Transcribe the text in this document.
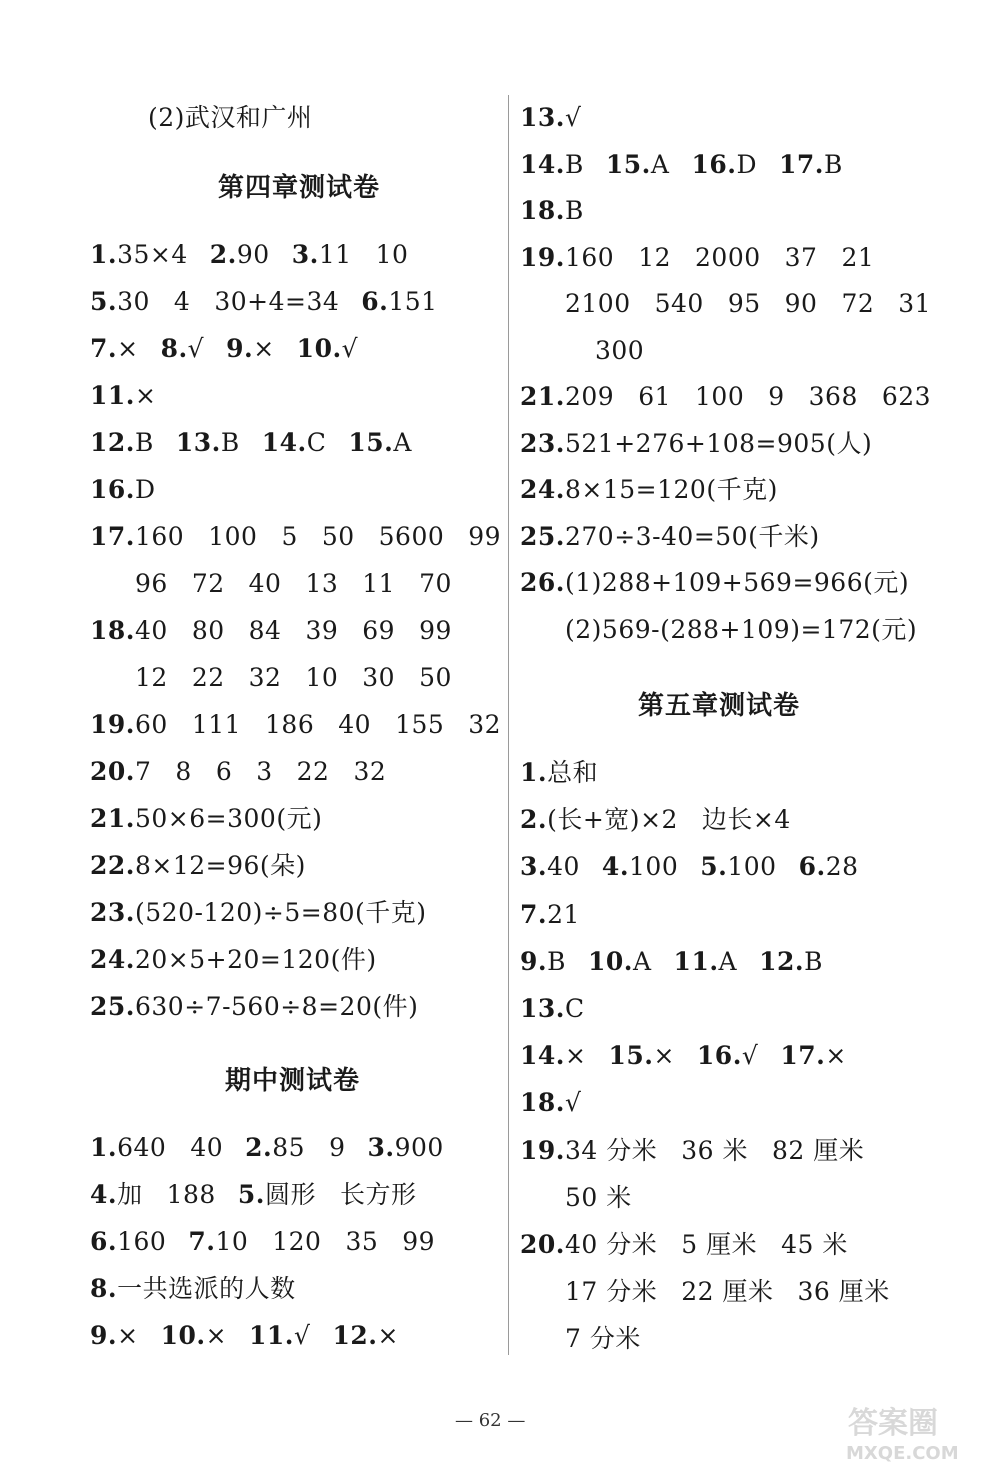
(2)武汉和广州
第四章测试卷
1.35×4 2.90 3.11 10
5.30 4 30+4=34 6.151
7.× 8.√ 9.× 10.√
11.×
12.B 13.B 14.C 15.A
16.D
17.160 100 5 50 5600 99
96 72 40 13 11 70
18.40 80 84 39 69 99
12 22 32 10 30 50
19.60 111 186 40 155 32
20.7 8 6 3 22 32
21.50×6=300(元)
22.8×12=96(朵)
23.(520-120)÷5=80(千克)
24.20×5+20=120(件)
25.630÷7-560÷8=20(件)
期中测试卷
1.640 40 2.85 9 3.900
4.加 188 5.圆形 长方形
6.160 7.10 120 35 99
8.一共选派的人数
9.× 10.× 11.√ 12.×
13.√
14.B 15.A 16.D 17.B
18.B
19.160 12 2000 37 21
2100 540 95 90 72 31
300
21.209 61 100 9 368 623
23.521+276+108=905(人)
24.8×15=120(千克)
25.270÷3-40=50(千米)
26.(1)288+109+569=966(元)
(2)569-(288+109)=172(元)
第五章测试卷
1.总和
2.(长+宽)×2 边长×4
3.40 4.100 5.100 6.28
7.21
9.B 10.A 11.A 12.B
13.C
14.× 15.× 16.√ 17.×
18.√
19.34 分米 36 米 82 厘米
50 米
20.40 分米 5 厘米 45 米
17 分米 22 厘米 36 厘米
7 分米
— 62 —	答案圈
MXQE.COM
